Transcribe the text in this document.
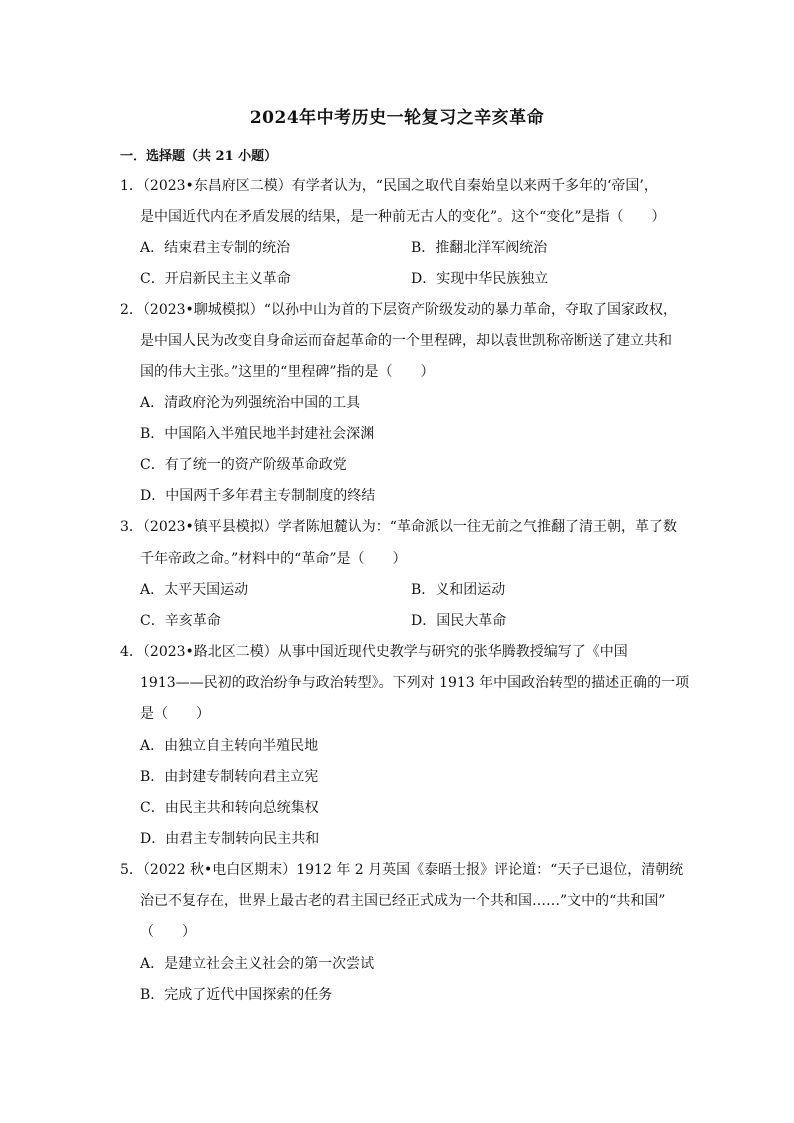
2024年中考历史一轮复习之辛亥革命
一．选择题（共 21 小题）
1．（2023•东昌府区二模）有学者认为，“民国之取代自秦始皇以来两千多年的‘帝国’，
是中国近代内在矛盾发展的结果，是一种前无古人的变化”。这个“变化”是指（　　）
A．结束君主专制的统治	B．推翻北洋军阀统治
C．开启新民主主义革命	D．实现中华民族独立
2．（2023•聊城模拟）“以孙中山为首的下层资产阶级发动的暴力革命，夺取了国家政权，
是中国人民为改变自身命运而奋起革命的一个里程碑，却以袁世凯称帝断送了建立共和
国的伟大主张。”这里的“里程碑”指的是（　　）
A．清政府沦为列强统治中国的工具
B．中国陷入半殖民地半封建社会深渊
C．有了统一的资产阶级革命政党
D．中国两千多年君主专制制度的终结
3．（2023•镇平县模拟）学者陈旭麓认为：“革命派以一往无前之气推翻了清王朝，革了数
千年帝政之命。”材料中的“革命”是（　　）
A．太平天国运动	B．义和团运动
C．辛亥革命	D．国民大革命
4．（2023•路北区二模）从事中国近现代史教学与研究的张华腾教授编写了《中国
1913——民初的政治纷争与政治转型》。下列对 1913 年中国政治转型的描述正确的一项
是（　　）
A．由独立自主转向半殖民地
B．由封建专制转向君主立宪
C．由民主共和转向总统集权
D．由君主专制转向民主共和
5．（2022 秋•电白区期末）1912 年 2 月英国《泰晤士报》评论道：“天子已退位，清朝统
治已不复存在，世界上最古老的君主国已经正式成为一个共和国……”文中的“共和国”
（　　）
A．是建立社会主义社会的第一次尝试
B．完成了近代中国探索的任务
